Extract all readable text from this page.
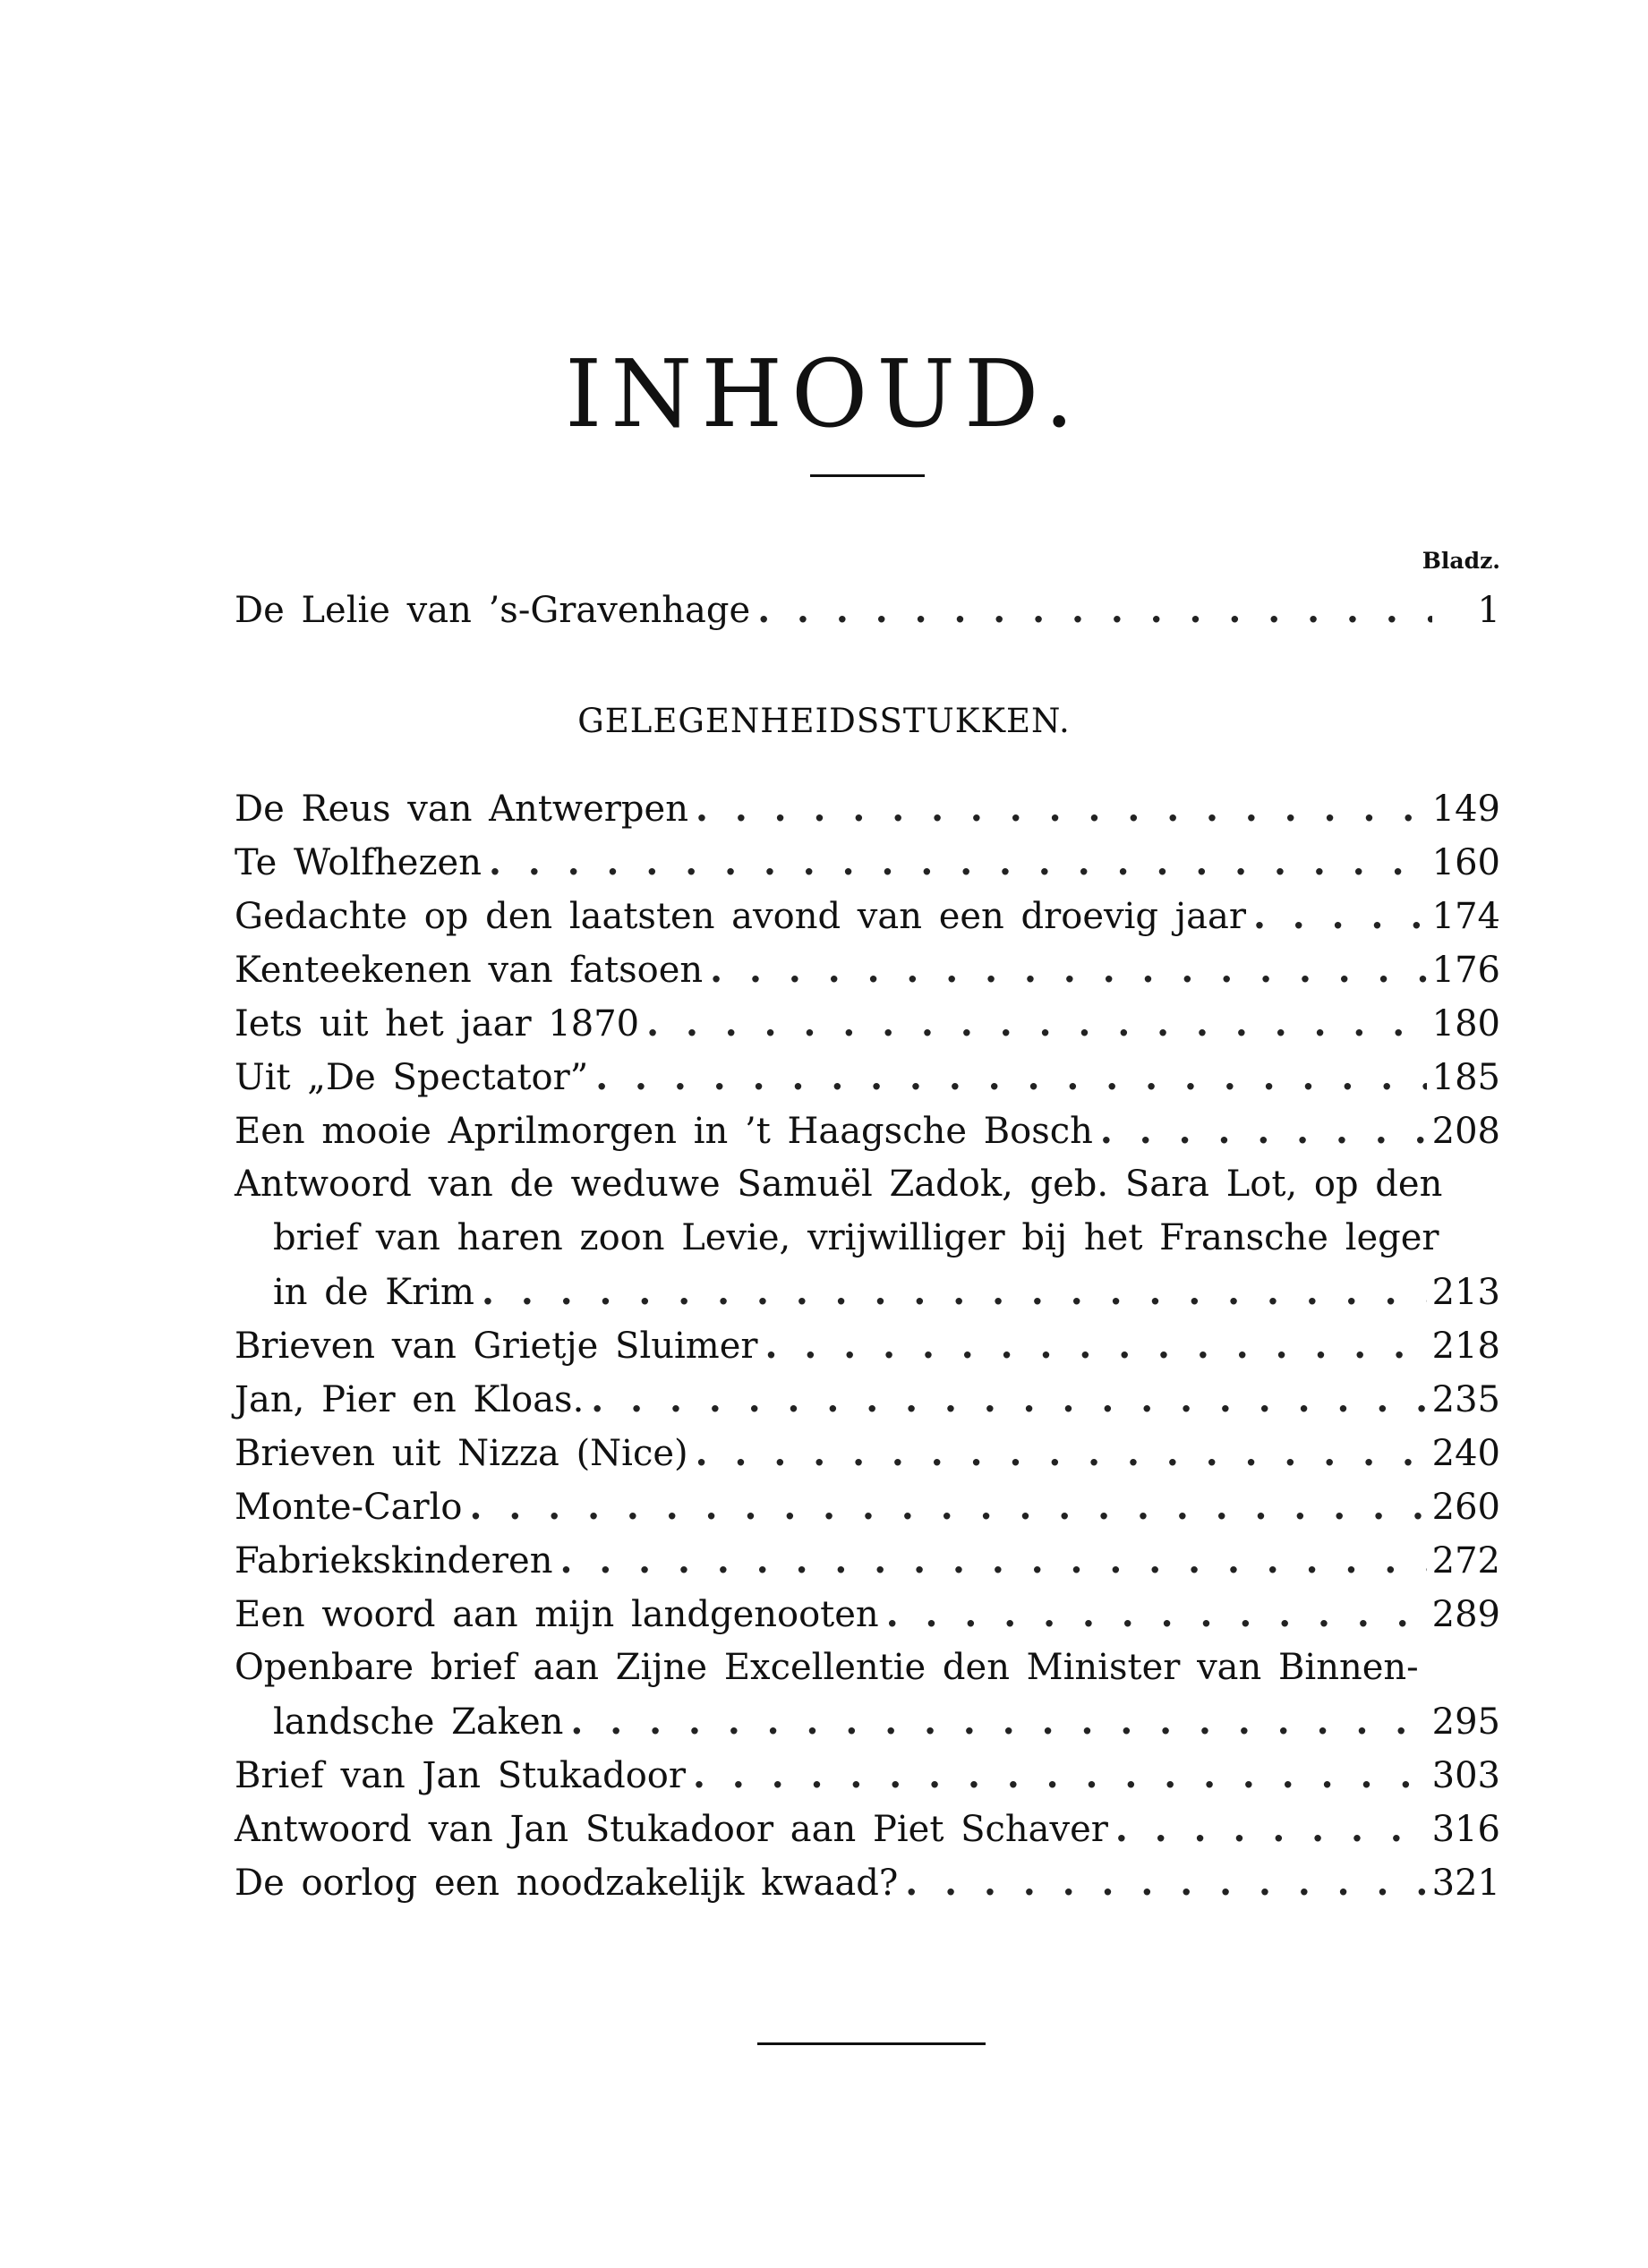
INHOUD.
Bladz.
De Lelie van ’s-Gravenhage . . .	1
GELEGENHEIDSSTUKKEN.
De Reus van Antwerpen . . .	149
Te Wolfhezen . . .	160
Gedachte op den laatsten avond van een droevig jaar . . .	174
Kenteekenen van fatsoen . . .	176
Iets uit het jaar 1870 . . .	180
Uit „De Spectator” . . .	185
Een mooie Aprilmorgen in ’t Haagsche Bosch . . .	208
Antwoord van de weduwe Samuël Zadok, geb. Sara Lot, op den
brief van haren zoon Levie, vrijwilliger bij het Fransche leger
in de Krim . . .	213
Brieven van Grietje Sluimer . . .	218
Jan, Pier en Kloas. . . .	235
Brieven uit Nizza (Nice) . . .	240
Monte-Carlo . . .	260
Fabriekskinderen . . .	272
Een woord aan mijn landgenooten . . .	289
Openbare brief aan Zijne Excellentie den Minister van Binnen-
landsche Zaken . . .	295
Brief van Jan Stukadoor . . .	303
Antwoord van Jan Stukadoor aan Piet Schaver . . .	316
De oorlog een noodzakelijk kwaad? . . .	321
